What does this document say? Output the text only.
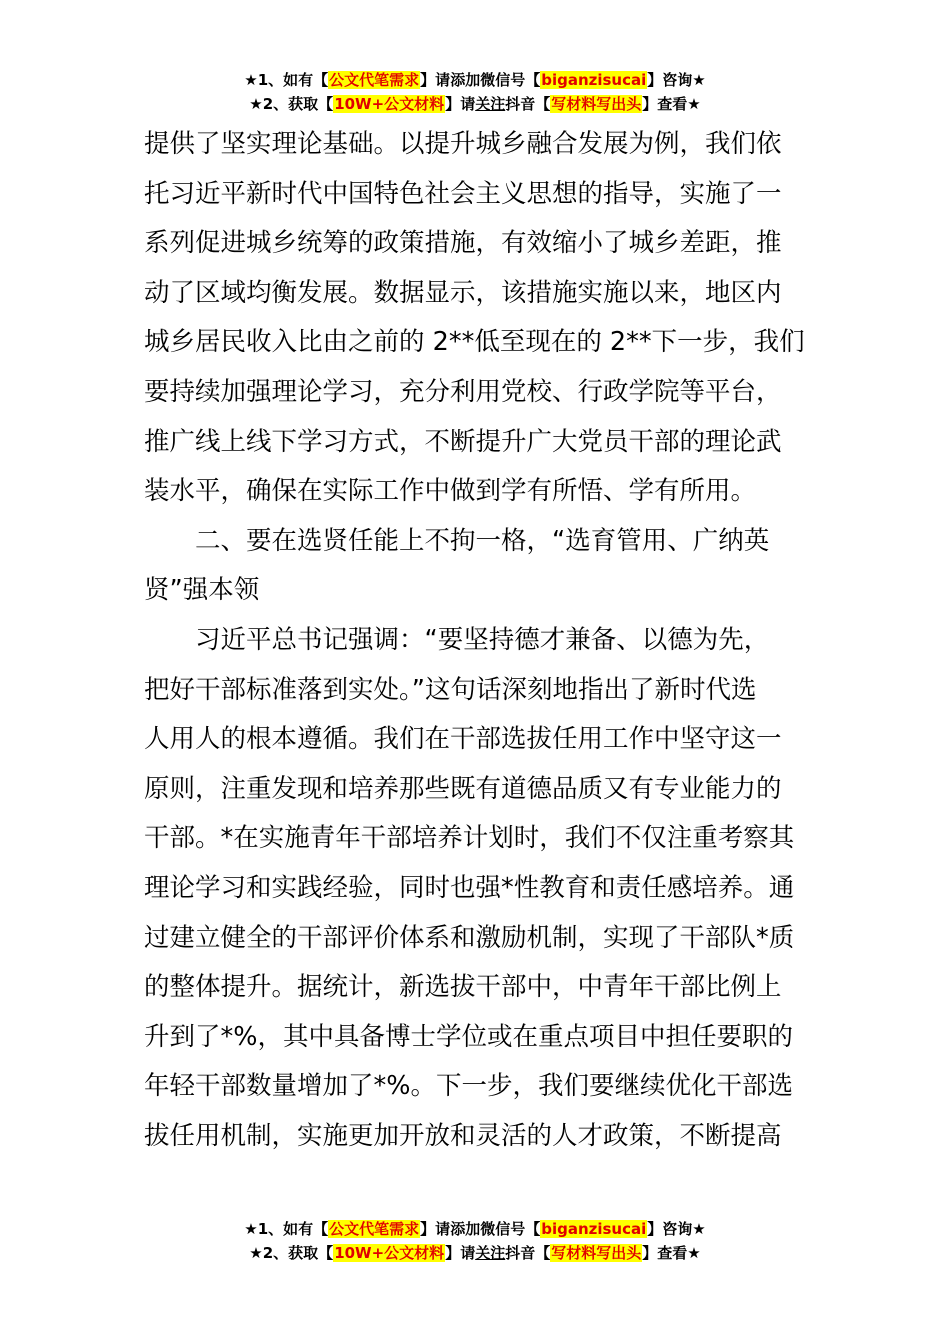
★1、如有【公文代笔需求】请添加微信号【biganzisucai】咨询★
★2、获取【10W+公文材料】请关注抖音【写材料写出头】查看★
提供了坚实理论基础。以提升城乡融合发展为例，我们依
托习近平新时代中国特色社会主义思想的指导，实施了一
系列促进城乡统筹的政策措施，有效缩小了城乡差距，推
动了区域均衡发展。数据显示，该措施实施以来，地区内
城乡居民收入比由之前的 2**低至现在的 2**下一步，我们
要持续加强理论学习，充分利用党校、行政学院等平台，
推广线上线下学习方式，不断提升广大党员干部的理论武
装水平，确保在实际工作中做到学有所悟、学有所用。
二、要在选贤任能上不拘一格，“选育管用、广纳英
贤”强本领
习近平总书记强调：“要坚持德才兼备、以德为先，
把好干部标准落到实处。”这句话深刻地指出了新时代选
人用人的根本遵循。我们在干部选拔任用工作中坚守这一
原则，注重发现和培养那些既有道德品质又有专业能力的
干部。*在实施青年干部培养计划时，我们不仅注重考察其
理论学习和实践经验，同时也强*性教育和责任感培养。通
过建立健全的干部评价体系和激励机制，实现了干部队*质
的整体提升。据统计，新选拔干部中，中青年干部比例上
升到了*%，其中具备博士学位或在重点项目中担任要职的
年轻干部数量增加了*%。下一步，我们要继续优化干部选
拔任用机制，实施更加开放和灵活的人才政策，不断提高
★1、如有【公文代笔需求】请添加微信号【biganzisucai】咨询★
★2、获取【10W+公文材料】请关注抖音【写材料写出头】查看★
